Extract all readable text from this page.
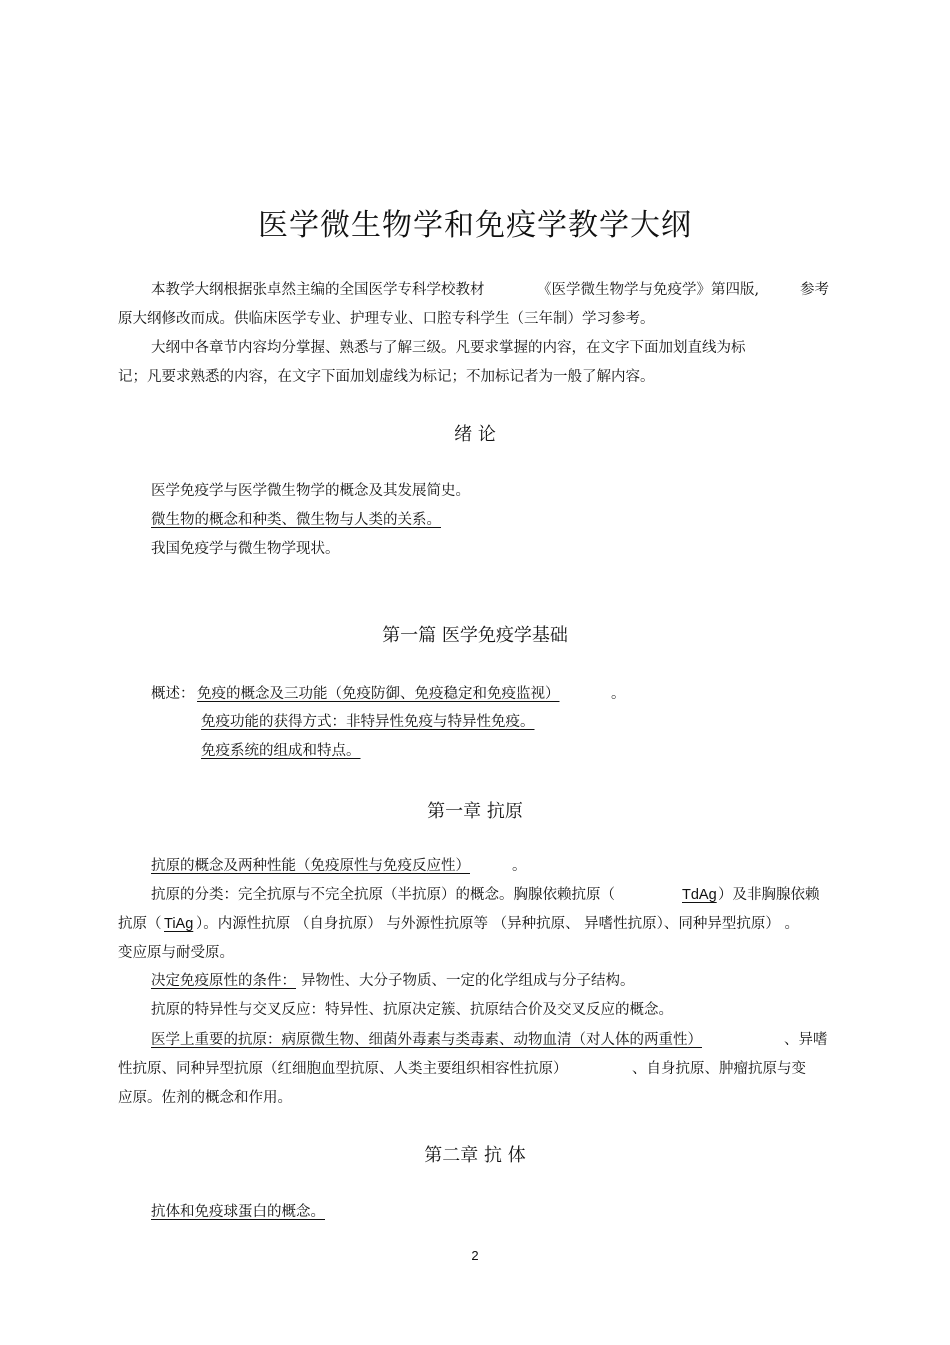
医学微生物学和免疫学教学大纲
本教学大纲根据张卓然主编的全国医学专科学校教材	《医学微生物学与免疫学》第四版,	参考
原大纲修改而成。供临床医学专业、护理专业、口腔专科学生（三年制）学习参考。
大纲中各章节内容均分掌握、熟悉与了解三级。凡要求掌握的内容，在文字下面加划直线为标
记；凡要求熟悉的内容，在文字下面加划虚线为标记；不加标记者为一般了解内容。
绪 论
医学免疫学与医学微生物学的概念及其发展简史。
微生物的概念和种类、微生物与人类的关系。
我国免疫学与微生物学现状。
第一篇 医学免疫学基础
概述： 免疫的概念及三功能（免疫防御、免疫稳定和免疫监视）	。
免疫功能的获得方式：非特异性免疫与特异性免疫。
免疫系统的组成和特点。
第一章 抗原
抗原的概念及两种性能（免疫原性与免疫反应性）	。
抗原的分类：完全抗原与不完全抗原（半抗原）的概念。胸腺依赖抗原（	TdAg ）及非胸腺依赖
抗原（ TiAg ）。内源性抗原 （自身抗原） 与外源性抗原等 （异种抗原、 异嗜性抗原）、同种异型抗原） 。
变应原与耐受原。
决定免疫原性的条件： 异物性、大分子物质、一定的化学组成与分子结构。
抗原的特异性与交叉反应：特异性、抗原决定簇、抗原结合价及交叉反应的概念。
医学上重要的抗原：病原微生物、细菌外毒素与类毒素、动物血清（对人体的两重性）	、异嗜
性抗原、同种异型抗原（红细胞血型抗原、人类主要组织相容性抗原）	、自身抗原、肿瘤抗原与变
应原。佐剂的概念和作用。
第二章 抗 体
抗体和免疫球蛋白的概念。
2
